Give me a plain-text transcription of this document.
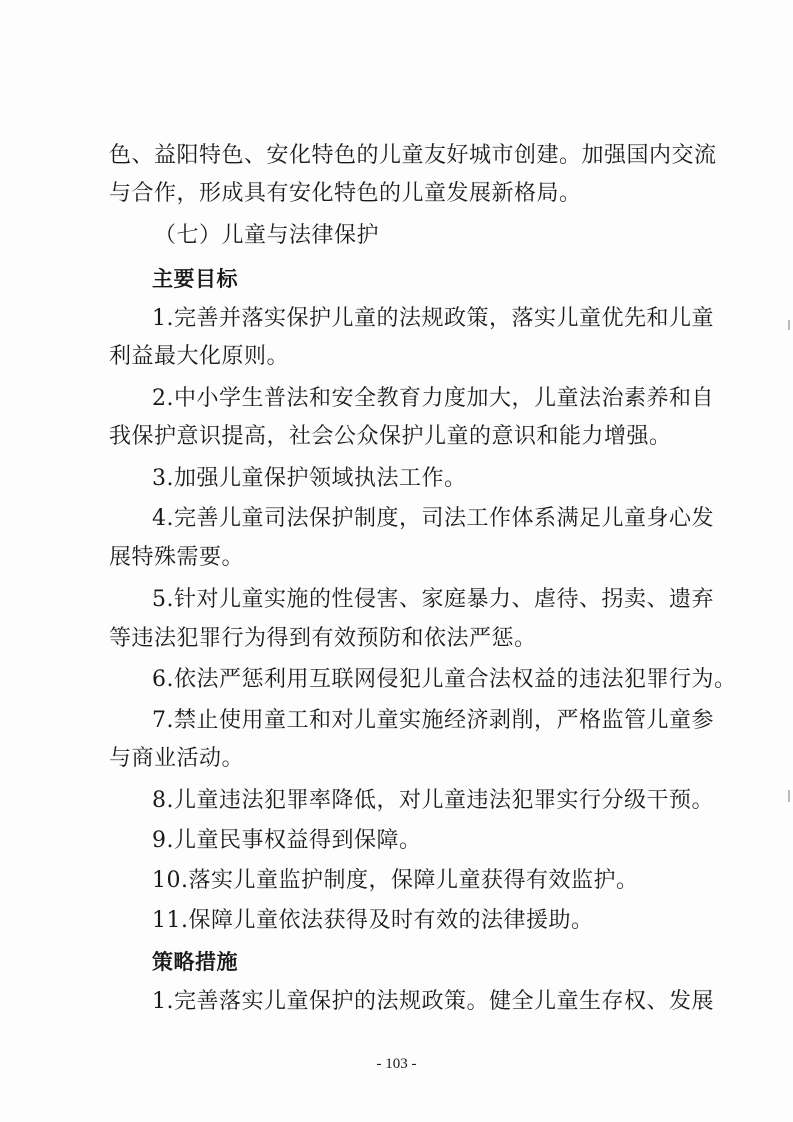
色、益阳特色、安化特色的儿童友好城市创建。加强国内交流
与合作，形成具有安化特色的儿童发展新格局。
（七）儿童与法律保护
主要目标
1.完善并落实保护儿童的法规政策，落实儿童优先和儿童
利益最大化原则。
2.中小学生普法和安全教育力度加大，儿童法治素养和自
我保护意识提高，社会公众保护儿童的意识和能力增强。
3.加强儿童保护领域执法工作。
4.完善儿童司法保护制度，司法工作体系满足儿童身心发
展特殊需要。
5.针对儿童实施的性侵害、家庭暴力、虐待、拐卖、遗弃
等违法犯罪行为得到有效预防和依法严惩。
6.依法严惩利用互联网侵犯儿童合法权益的违法犯罪行为。
7.禁止使用童工和对儿童实施经济剥削，严格监管儿童参
与商业活动。
8.儿童违法犯罪率降低，对儿童违法犯罪实行分级干预。
9.儿童民事权益得到保障。
10.落实儿童监护制度，保障儿童获得有效监护。
11.保障儿童依法获得及时有效的法律援助。
策略措施
1.完善落实儿童保护的法规政策。健全儿童生存权、发展
- 103 -
